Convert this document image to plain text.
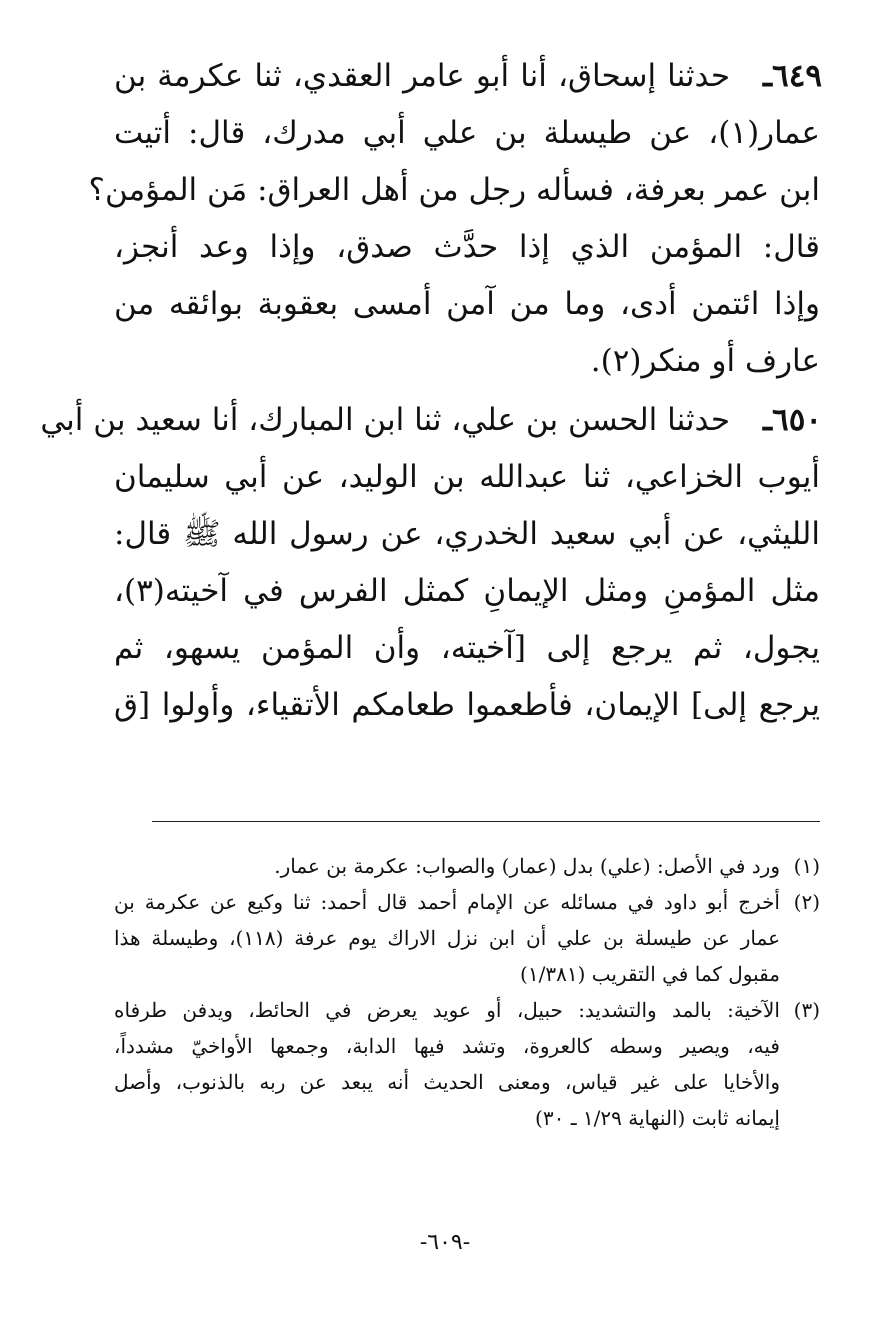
٦٤٩ـ
حدثنا إسحاق، أنا أبو عامر العقدي، ثنا عكرمة بن
عمار(١)، عن طيسلة بن علي أبي مدرك، قال: أتيت
ابن عمر بعرفة، فسأله رجل من أهل العراق: مَن المؤمن؟
قال: المؤمن الذي إذا حدَّث صدق، وإذا وعد أنجز،
وإذا ائتمن أدى، وما من آمن أمسى بعقوبة بوائقه من
عارف أو منكر(٢).
٦٥٠ـ
حدثنا الحسن بن علي، ثنا ابن المبارك، أنا سعيد بن أبي
أيوب الخزاعي، ثنا عبدالله بن الوليد، عن أبي سليمان
الليثي، عن أبي سعيد الخدري، عن رسول الله ﷺ قال:
مثل المؤمنِ ومثل الإيمانِ كمثل الفرس في آخيته(٣)،
يجول، ثم يرجع إلى [آخيته، وأن المؤمن يسهو، ثم
يرجع إلى] الإيمان، فأطعموا طعامكم الأتقياء، وأولوا [ق
(١)
ورد في الأصل: (علي) بدل (عمار) والصواب: عكرمة بن عمار.
(٢)
أخرج أبو داود في مسائله عن الإمام أحمد قال أحمد: ثنا وكيع عن عكرمة بن
عمار عن طيسلة بن علي أن ابن نزل الاراك يوم عرفة (١١٨)، وطيسلة هذا
مقبول كما في التقريب (١/٣٨١)
(٣)
الآخية: بالمد والتشديد: حبيل، أو عويد يعرض في الحائط، ويدفن طرفاه
فيه، ويصير وسطه كالعروة، وتشد فيها الدابة، وجمعها الأواخيّ مشدداً،
والأخايا على غير قياس، ومعنى الحديث أنه يبعد عن ربه بالذنوب، وأصل
إيمانه ثابت (النهاية ١/٢٩ ـ ٣٠)
-٦٠٩-
